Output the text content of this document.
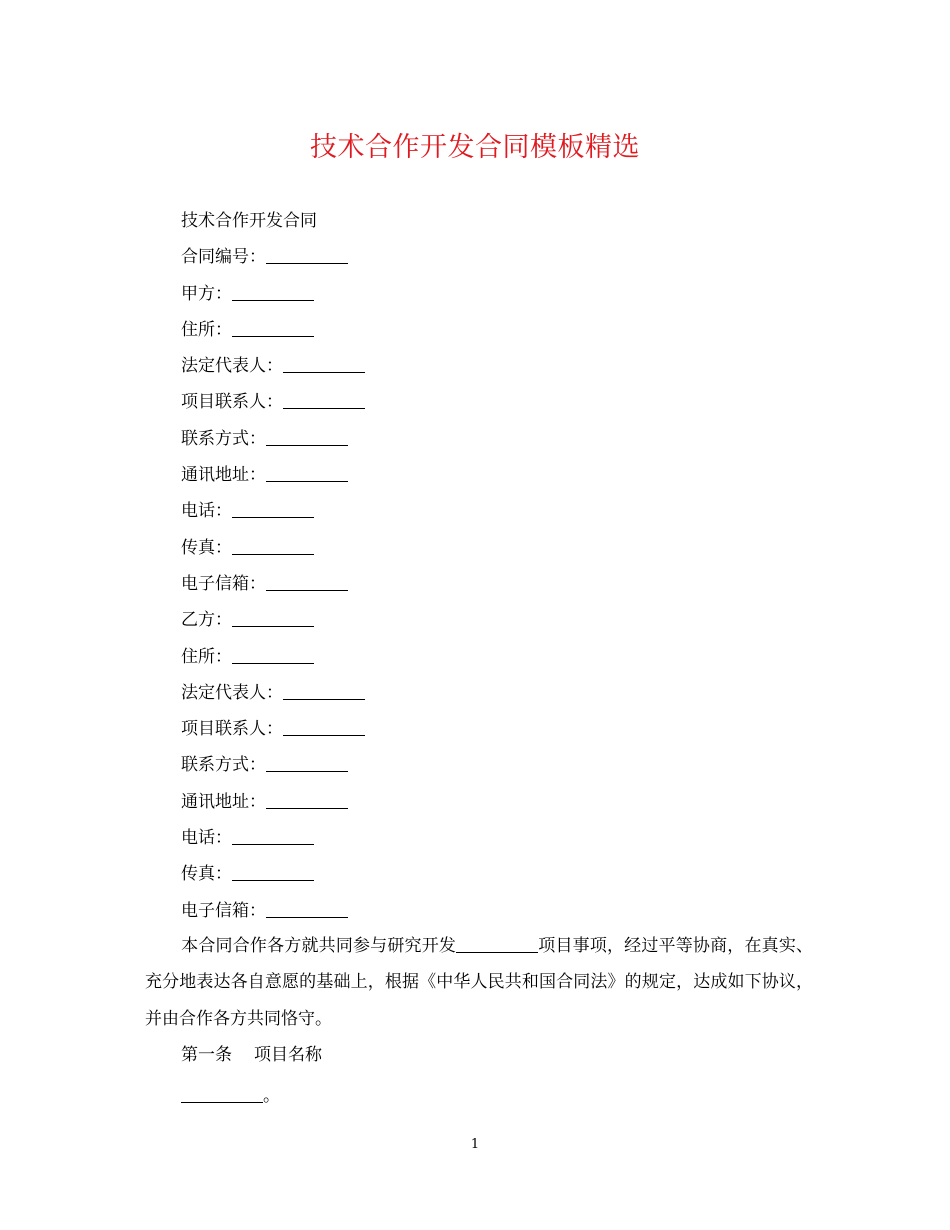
技术合作开发合同模板精选
技术合作开发合同
合同编号：
甲方：
住所：
法定代表人：
项目联系人：
联系方式：
通讯地址：
电话：
传真：
电子信箱：
乙方：
住所：
法定代表人：
项目联系人：
联系方式：
通讯地址：
电话：
传真：
电子信箱：
本合同合作各方就共同参与研究开发	项目事项，经过平等协商，在真实、充分地表达各自意愿的基础上，根据《中华人民共和国合同法》的规定，达成如下协议，并由合作各方共同恪守。
第一条 项目名称
。
1
